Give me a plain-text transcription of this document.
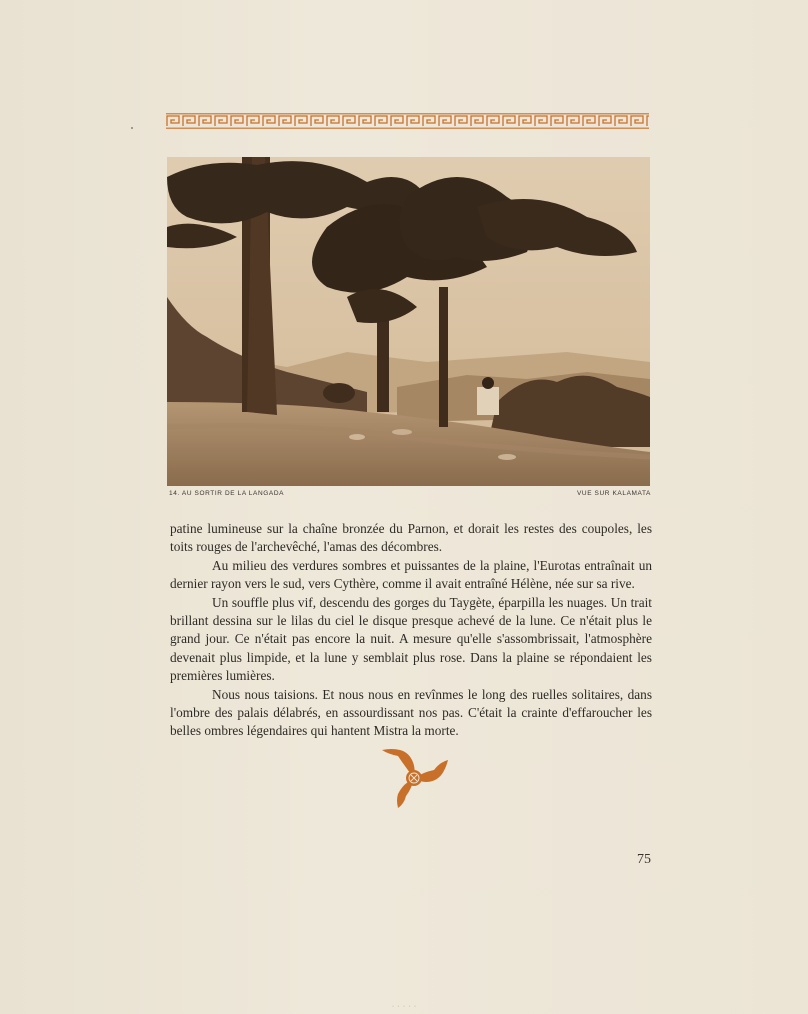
14. AU SORTIR DE LA LANGADA	VUE SUR KALAMATA

patine lumineuse sur la chaîne bronzée du Parnon, et dorait les restes des coupoles, les toits rouges de l'archevêché, l'amas des décombres.

Au milieu des verdures sombres et puissantes de la plaine, l'Eurotas entraînait un dernier rayon vers le sud, vers Cythère, comme il avait entraîné Hélène, née sur sa rive.

Un souffle plus vif, descendu des gorges du Taygète, éparpilla les nuages. Un trait brillant dessina sur le lilas du ciel le disque presque achevé de la lune. Ce n'était plus le grand jour. Ce n'était pas encore la nuit. A mesure qu'elle s'assombrissait, l'atmosphère devenait plus limpide, et la lune y semblait plus rose. Dans la plaine se répondaient les premières lumières.

Nous nous taisions. Et nous nous en revînmes le long des ruelles solitaires, dans l'ombre des palais délabrés, en assourdissant nos pas. C'était la crainte d'effaroucher les belles ombres légendaires qui hantent Mistra la morte.

75
· · · · ·
